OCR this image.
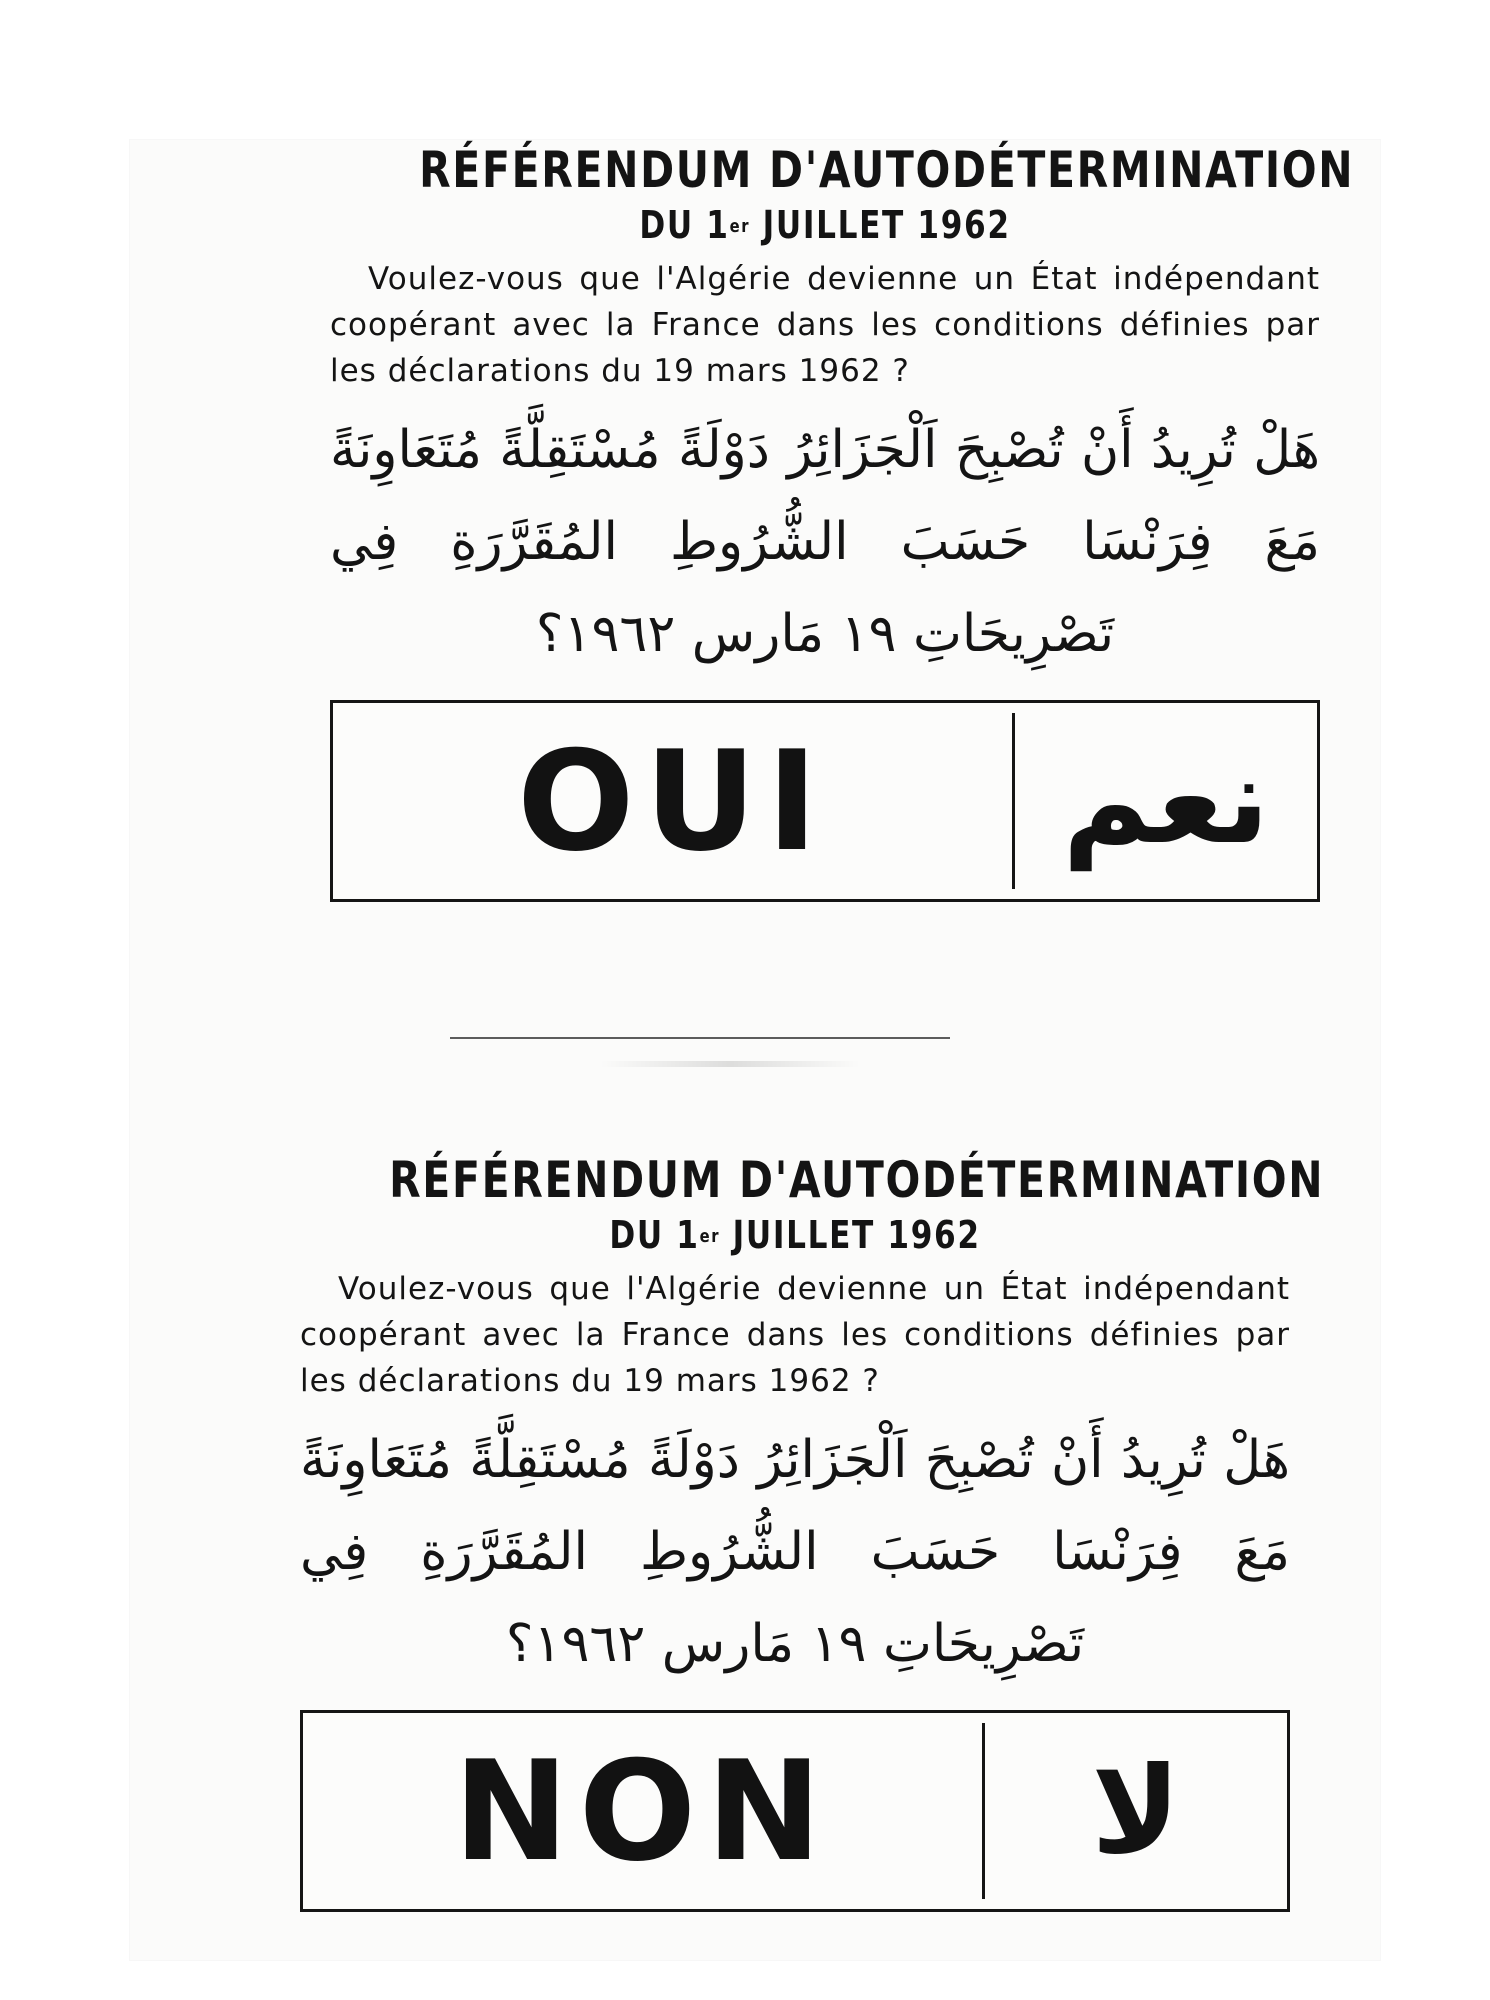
RÉFÉRENDUM D'AUTODÉTERMINATION
DU 1er JUILLET 1962

Voulez-vous que l'Algérie devienne un État indépendant coopérant avec la France dans les conditions définies par les déclarations du 19 mars 1962 ?

هَلْ تُرِيدُ أَنْ تُصْبِحَ اَلْجَزَائِرُ دَوْلَةً مُسْتَقِلَّةً مُتَعَاوِنَةً مَعَ فِرَنْسَا حَسَبَ الشُّرُوطِ المُقَرَّرَةِ فِي تَصْرِيحَاتِ ١٩ مَارس ١٩٦٢؟

OUI	نعم
RÉFÉRENDUM D'AUTODÉTERMINATION
DU 1er JUILLET 1962

Voulez-vous que l'Algérie devienne un État indépendant coopérant avec la France dans les conditions définies par les déclarations du 19 mars 1962 ?

هَلْ تُرِيدُ أَنْ تُصْبِحَ اَلْجَزَائِرُ دَوْلَةً مُسْتَقِلَّةً مُتَعَاوِنَةً مَعَ فِرَنْسَا حَسَبَ الشُّرُوطِ المُقَرَّرَةِ فِي تَصْرِيحَاتِ ١٩ مَارس ١٩٦٢؟

NON	لا
